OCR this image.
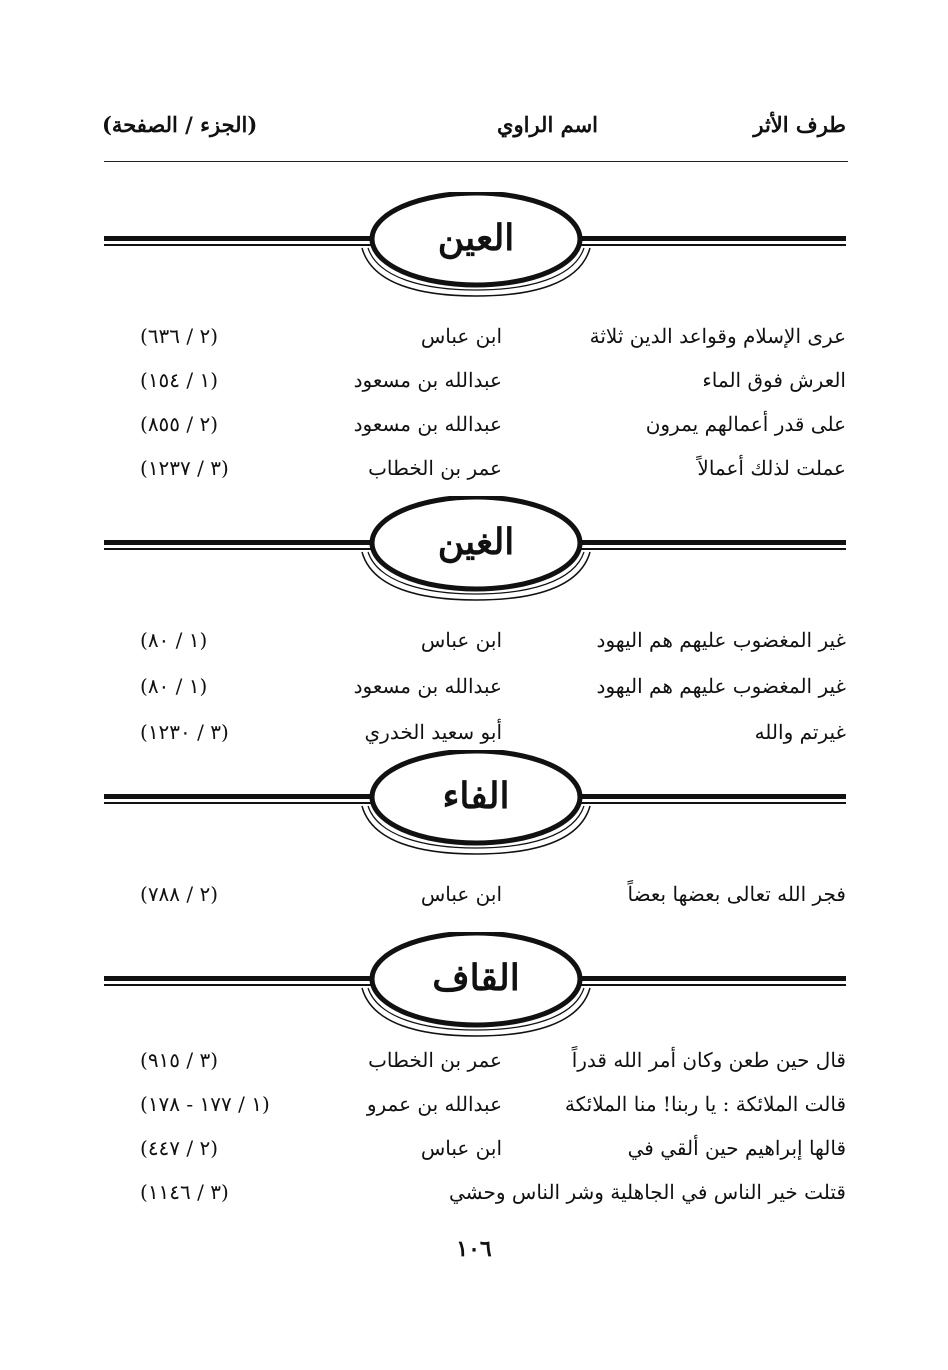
طرف الأثر
اسم الراوي
(الجزء / الصفحة)
العين
عرى الإسلام وقواعد الدين ثلاثة
ابن عباس
(٢ / ٦٣٦)
العرش فوق الماء
عبدالله بن مسعود
(١ / ١٥٤)
على قدر أعمالهم يمرون
عبدالله بن مسعود
(٢ / ٨٥٥)
عملت لذلك أعمالاً
عمر بن الخطاب
(٣ / ١٢٣٧)
الغين
غير المغضوب عليهم هم اليهود
ابن عباس
(١ / ٨٠)
غير المغضوب عليهم هم اليهود
عبدالله بن مسعود
(١ / ٨٠)
غيرتم والله
أبو سعيد الخدري
(٣ / ١٢٣٠)
الفاء
فجر الله تعالى بعضها بعضاً
ابن عباس
(٢ / ٧٨٨)
القاف
قال حين طعن وكان أمر الله قدراً
عمر بن الخطاب
(٣ / ٩١٥)
قالت الملائكة : يا ربنا! منا الملائكة
عبدالله بن عمرو
(١ / ١٧٧ - ١٧٨)
قالها إبراهيم حين ألقي في
ابن عباس
(٢ / ٤٤٧)
قتلت خير الناس في الجاهلية وشر الناس وحشي
(٣ / ١١٤٦)
١٠٦
